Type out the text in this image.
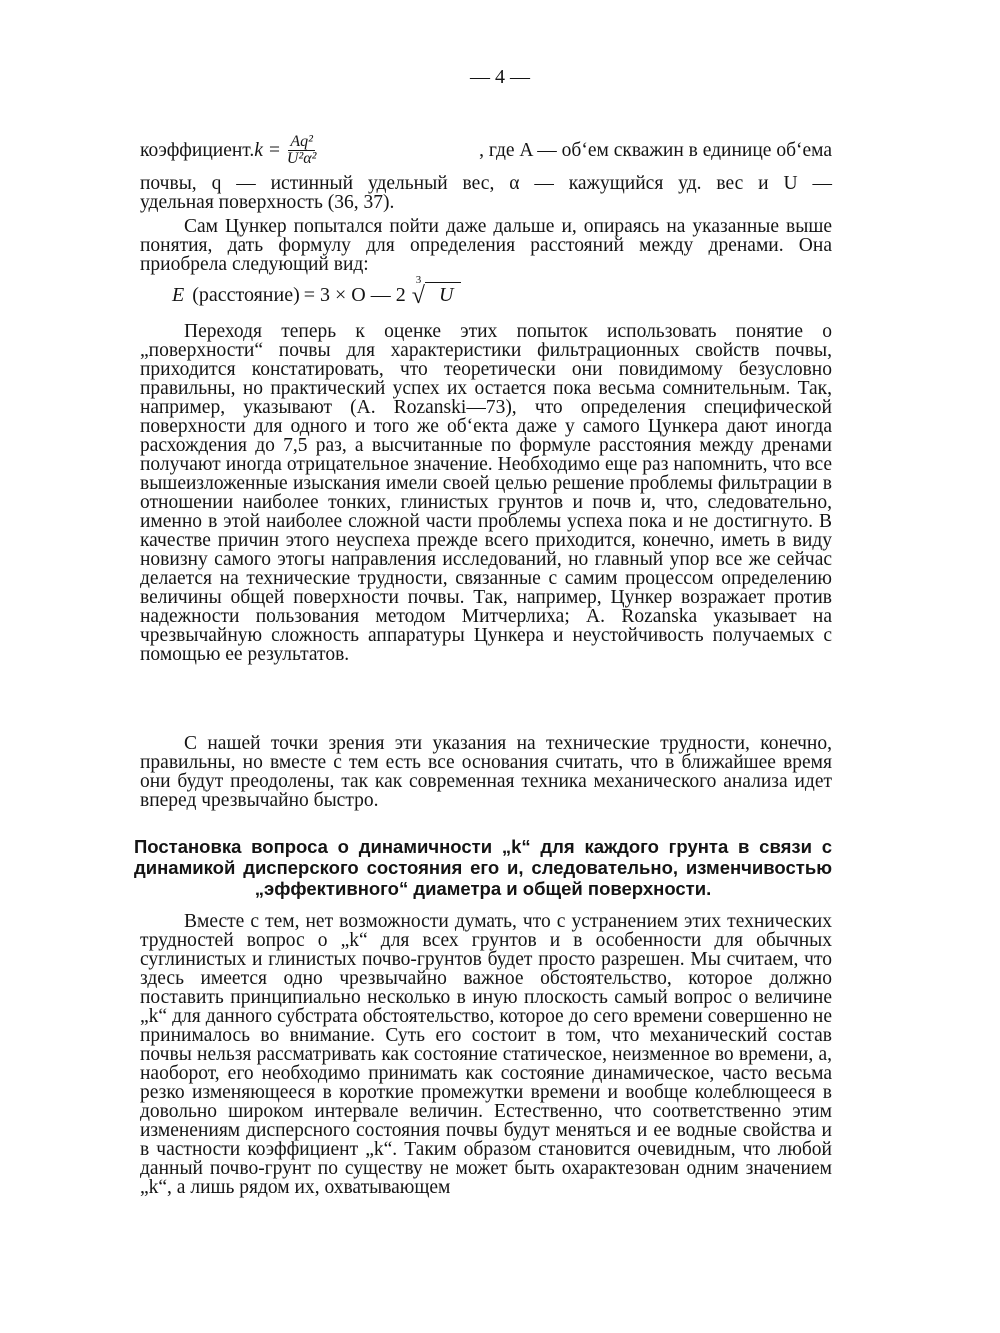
— 4 —
коэффициент. $k = \frac{\text{Aq²}}{\text{U²α²}}$	, где A — об‘ем скважин в единице об‘ема

почвы, q — истинный удельный вес, α — кажущийся уд. вес и U —

удельная поверхность (36, 37).

Сам Цункер попытался пойти даже дальше и, опираясь на указанные выше понятия, дать формулу для определения расстояний между дренами. Она приобрела следующий вид:

E (расстояние) = 3 × O — 2
3
√ U

Переходя теперь к оценке этих попыток использовать понятие о „поверхности“ почвы для характеристики фильтрационных свойств почвы, приходится констатировать, что теоретически они повидимому безусловно правильны, но практический успех их остается пока весьма сомнительным. Так, например, указывают (A. Rozanski—73), что определения специфической поверхности для одного и того же об‘екта даже у самого Цункера дают иногда расхождения до 7,5 раз, а высчитанные по формуле расстояния между дренами получают иногда отрицательное значение. Необходимо еще раз напомнить, что все вышеизложенные изыскания имели своей целью решение проблемы фильтрации в отношении наиболее тонких, глинистых грунтов и почв и, что, следовательно, именно в этой наиболее сложной части проблемы успеха пока и не достигнуто. В качестве причин этого неуспеха прежде всего приходится, конечно, иметь в виду новизну самого этогы направления исследований, но главный упор все же сейчас делается на технические трудности, связанные с самим процессом определению величины общей поверхности почвы. Так, например, Цункер возражает против надежности пользования методом Митчерлиха; A. Rozanska указывает на чрезвычайную сложность аппаратуры Цункера и неустойчивость получаемых с помощью ее результатов.

С нашей точки зрения эти указания на технические трудности, конечно, правильны, но вместе с тем есть все основания считать, что в ближайшее время они будут преодолены, так как современная техника механического анализа идет вперед чрезвычайно быстро.

Постановка вопроса о динамичности „k“ для каждого грунта в связи с динамикой дисперского состояния его и, следовательно, изменчивостью „эффективного“ диаметра и общей поверхности.

Вместе с тем, нет возможности думать, что с устранением этих технических трудностей вопрос о „k“ для всех грунтов и в особенности для обычных суглинистых и глинистых почво-грунтов будет просто разрешен. Мы считаем, что здесь имеется одно чрезвычайно важное обстоятельство, которое должно поставить принципиально несколько в иную плоскость самый вопрос о величине „k“ для данного субстрата обстоятельство, которое до сего времени совершенно не принималось во внимание. Суть его состоит в том, что механический состав почвы нельзя рассматривать как состояние статическое, неизменное во времени, а, наоборот, его необходимо принимать как состояние динамическое, часто весьма резко изменяющееся в короткие промежутки времени и вообще колеблющееся в довольно широком интервале величин. Естественно, что соответственно этим изменениям дисперсного состояния почвы будут меняться и ее водные свойства и в частности коэффициент „k“. Таким образом становится очевидным, что любой данный почво-грунт по существу не может быть охарактезован одним значением „k“, а лишь рядом их, охватывающем
